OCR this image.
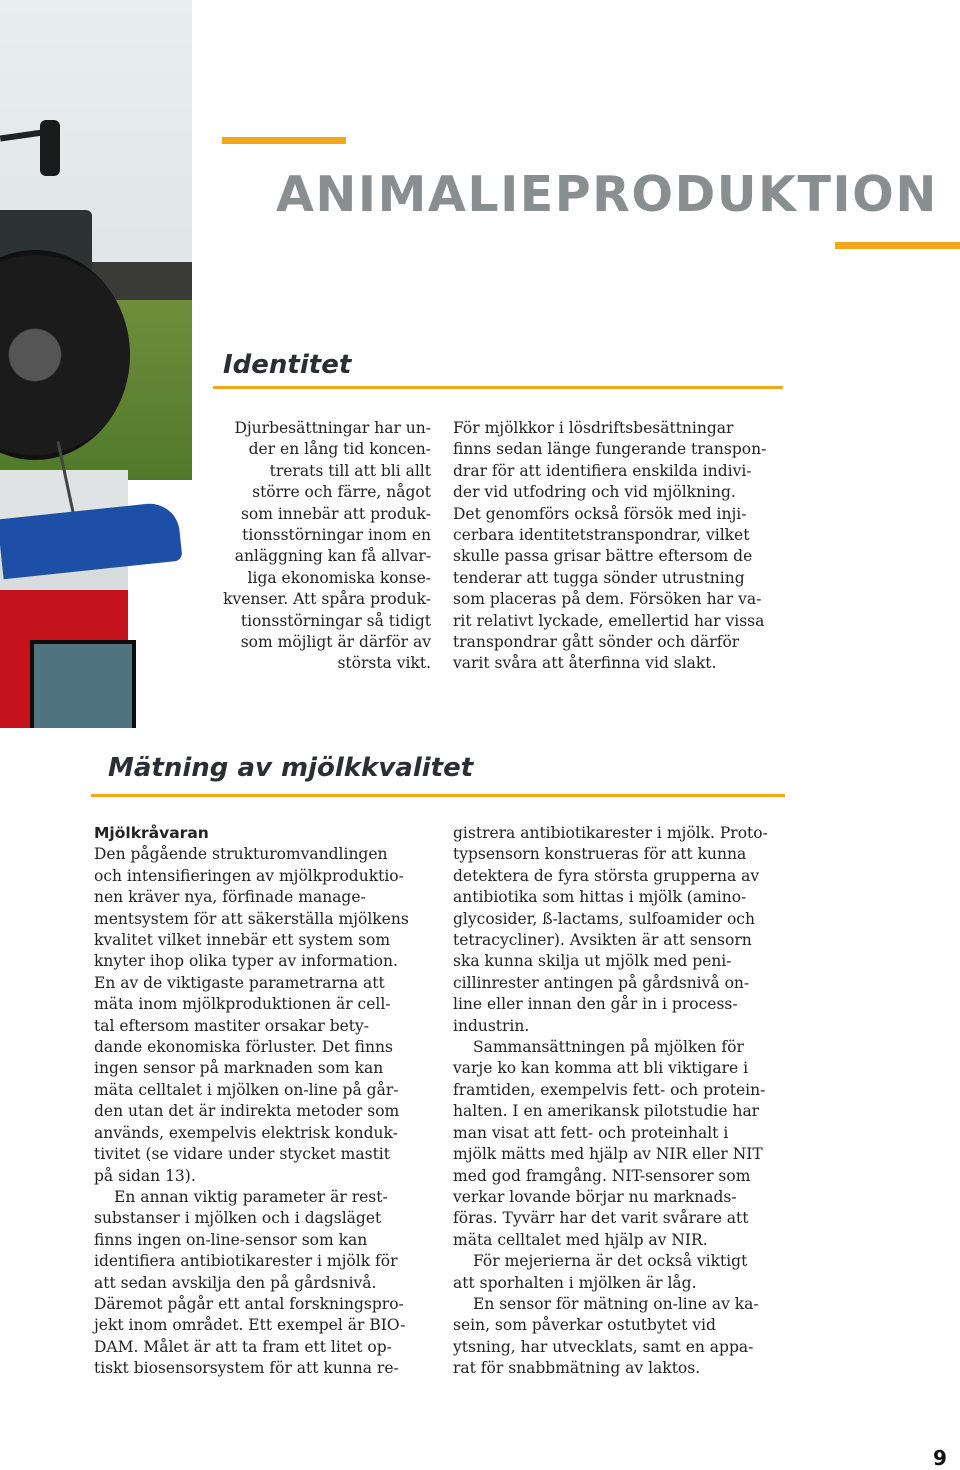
ANIMALIEPRODUKTION
Identitet
Djurbesättningar har un-
der en lång tid koncen-
trerats till att bli allt
större och färre, något
som innebär att produk-
tionsstörningar inom en
anläggning kan få allvar-
liga ekonomiska konse-
kvenser. Att spåra produk-
tionsstörningar så tidigt
som möjligt är därför av
största vikt.
För mjölkkor i lösdriftsbesättningar
finns sedan länge fungerande transpon-
drar för att identifiera enskilda indivi-
der vid utfodring och vid mjölkning.
Det genomförs också försök med inji-
cerbara identitetstranspondrar, vilket
skulle passa grisar bättre eftersom de
tenderar att tugga sönder utrustning
som placeras på dem. Försöken har va-
rit relativt lyckade, emellertid har vissa
transpondrar gått sönder och därför
varit svåra att återfinna vid slakt.
Mätning av mjölkkvalitet

Mjölkråvaran

Den pågående strukturomvandlingen
och intensifieringen av mjölkproduktio-
nen kräver nya, förfinade manage-
mentsystem för att säkerställa mjölkens
kvalitet vilket innebär ett system som
knyter ihop olika typer av information.
En av de viktigaste parametrarna att
mäta inom mjölkproduktionen är cell-
tal eftersom mastiter orsakar bety-
dande ekonomiska förluster. Det finns
ingen sensor på marknaden som kan
mäta celltalet i mjölken on-line på går-
den utan det är indirekta metoder som
används, exempelvis elektrisk konduk-
tivitet (se vidare under stycket mastit
på sidan 13).
En annan viktig parameter är rest-
substanser i mjölken och i dagsläget
finns ingen on-line-sensor som kan
identifiera antibiotikarester i mjölk för
att sedan avskilja den på gårdsnivå.
Däremot pågår ett antal forskningspro-
jekt inom området. Ett exempel är BIO-
DAM. Målet är att ta fram ett litet op-
tiskt biosensorsystem för att kunna re-
gistrera antibiotikarester i mjölk. Proto-
typsensorn konstrueras för att kunna
detektera de fyra största grupperna av
antibiotika som hittas i mjölk (amino-
glycosider, ß-lactams, sulfoamider och
tetracycliner). Avsikten är att sensorn
ska kunna skilja ut mjölk med peni-
cillinrester antingen på gårdsnivå on-
line eller innan den går in i process-
industrin.
Sammansättningen på mjölken för
varje ko kan komma att bli viktigare i
framtiden, exempelvis fett- och protein-
halten. I en amerikansk pilotstudie har
man visat att fett- och proteinhalt i
mjölk mätts med hjälp av NIR eller NIT
med god framgång. NIT-sensorer som
verkar lovande börjar nu marknads-
föras. Tyvärr har det varit svårare att
mäta celltalet med hjälp av NIR.
För mejerierna är det också viktigt
att sporhalten i mjölken är låg.
En sensor för mätning on-line av ka-
sein, som påverkar ostutbytet vid
ytsning, har utvecklats, samt en appa-
rat för snabbmätning av laktos.
9
